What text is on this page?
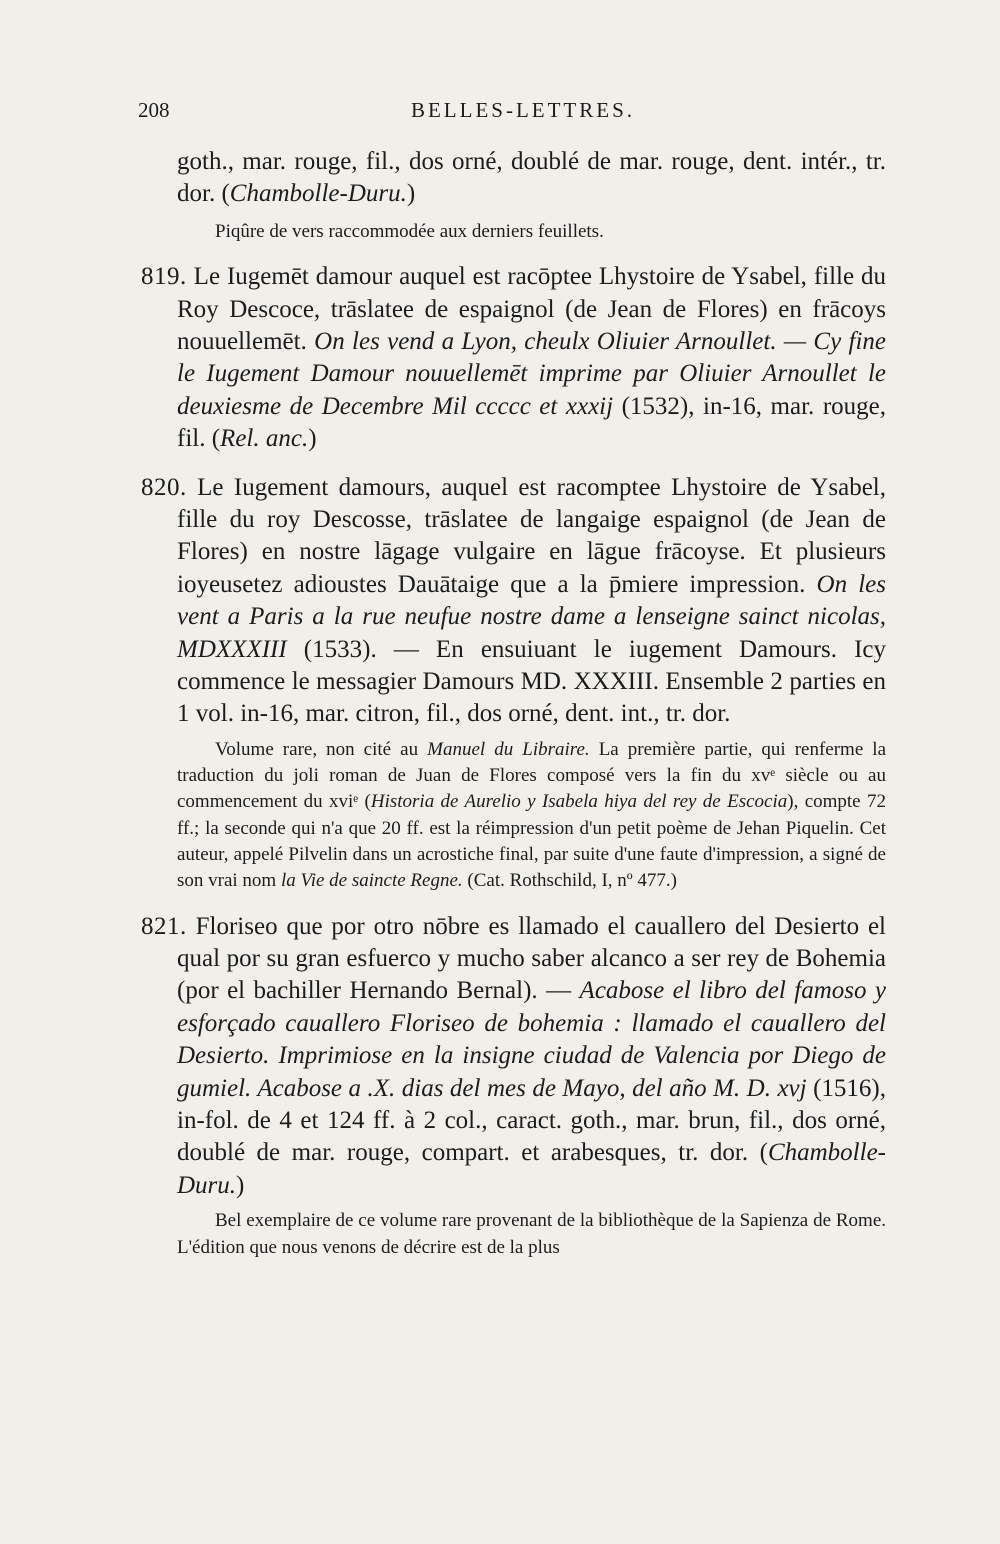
208	BELLES-LETTRES.

goth., mar. rouge, fil., dos orné, doublé de mar. rouge, dent. intér., tr. dor. (Chambolle-Duru.)

Piqûre de vers raccommodée aux derniers feuillets.

819. Le Iugemēt damour auquel est racōptee Lhystoire de Ysabel, fille du Roy Descoce, trāslatee de espaignol (de Jean de Flores) en frācoys nouuellemēt. On les vend a Lyon, cheulx Oliuier Arnoullet. — Cy fine le Iugement Damour nouuellemēt imprime par Oliuier Arnoullet le deuxiesme de Decembre Mil ccccc et xxxij (1532), in-16, mar. rouge, fil. (Rel. anc.)

820. Le Iugement damours, auquel est racomptee Lhystoire de Ysabel, fille du roy Descosse, trāslatee de langaige espaignol (de Jean de Flores) en nostre lāgage vulgaire en lāgue frācoyse. Et plusieurs ioyeusetez adioustes Dauātaige que a la p̄miere impression. On les vent a Paris a la rue neufue nostre dame a lenseigne sainct nicolas, MDXXXIII (1533). — En ensuiuant le iugement Damours. Icy commence le messagier Damours MD. XXXIII. Ensemble 2 parties en 1 vol. in-16, mar. citron, fil., dos orné, dent. int., tr. dor.

Volume rare, non cité au Manuel du Libraire. La première partie, qui renferme la traduction du joli roman de Juan de Flores composé vers la fin du xvᵉ siècle ou au commencement du xviᵉ (Historia de Aurelio y Isabela hiya del rey de Escocia), compte 72 ff.; la seconde qui n'a que 20 ff. est la réimpression d'un petit poème de Jehan Piquelin. Cet auteur, appelé Pilvelin dans un acrostiche final, par suite d'une faute d'impression, a signé de son vrai nom la Vie de saincte Regne. (Cat. Rothschild, I, nº 477.)

821. Floriseo que por otro nōbre es llamado el cauallero del Desierto el qual por su gran esfuerco y mucho saber alcanco a ser rey de Bohemia (por el bachiller Hernando Bernal). — Acabose el libro del famoso y esforçado cauallero Floriseo de bohemia : llamado el cauallero del Desierto. Imprimiose en la insigne ciudad de Valencia por Diego de gumiel. Acabose a .X. dias del mes de Mayo, del año M. D. xvj (1516), in-fol. de 4 et 124 ff. à 2 col., caract. goth., mar. brun, fil., dos orné, doublé de mar. rouge, compart. et arabesques, tr. dor. (Chambolle-Duru.)

Bel exemplaire de ce volume rare provenant de la bibliothèque de la Sapienza de Rome. L'édition que nous venons de décrire est de la plus
